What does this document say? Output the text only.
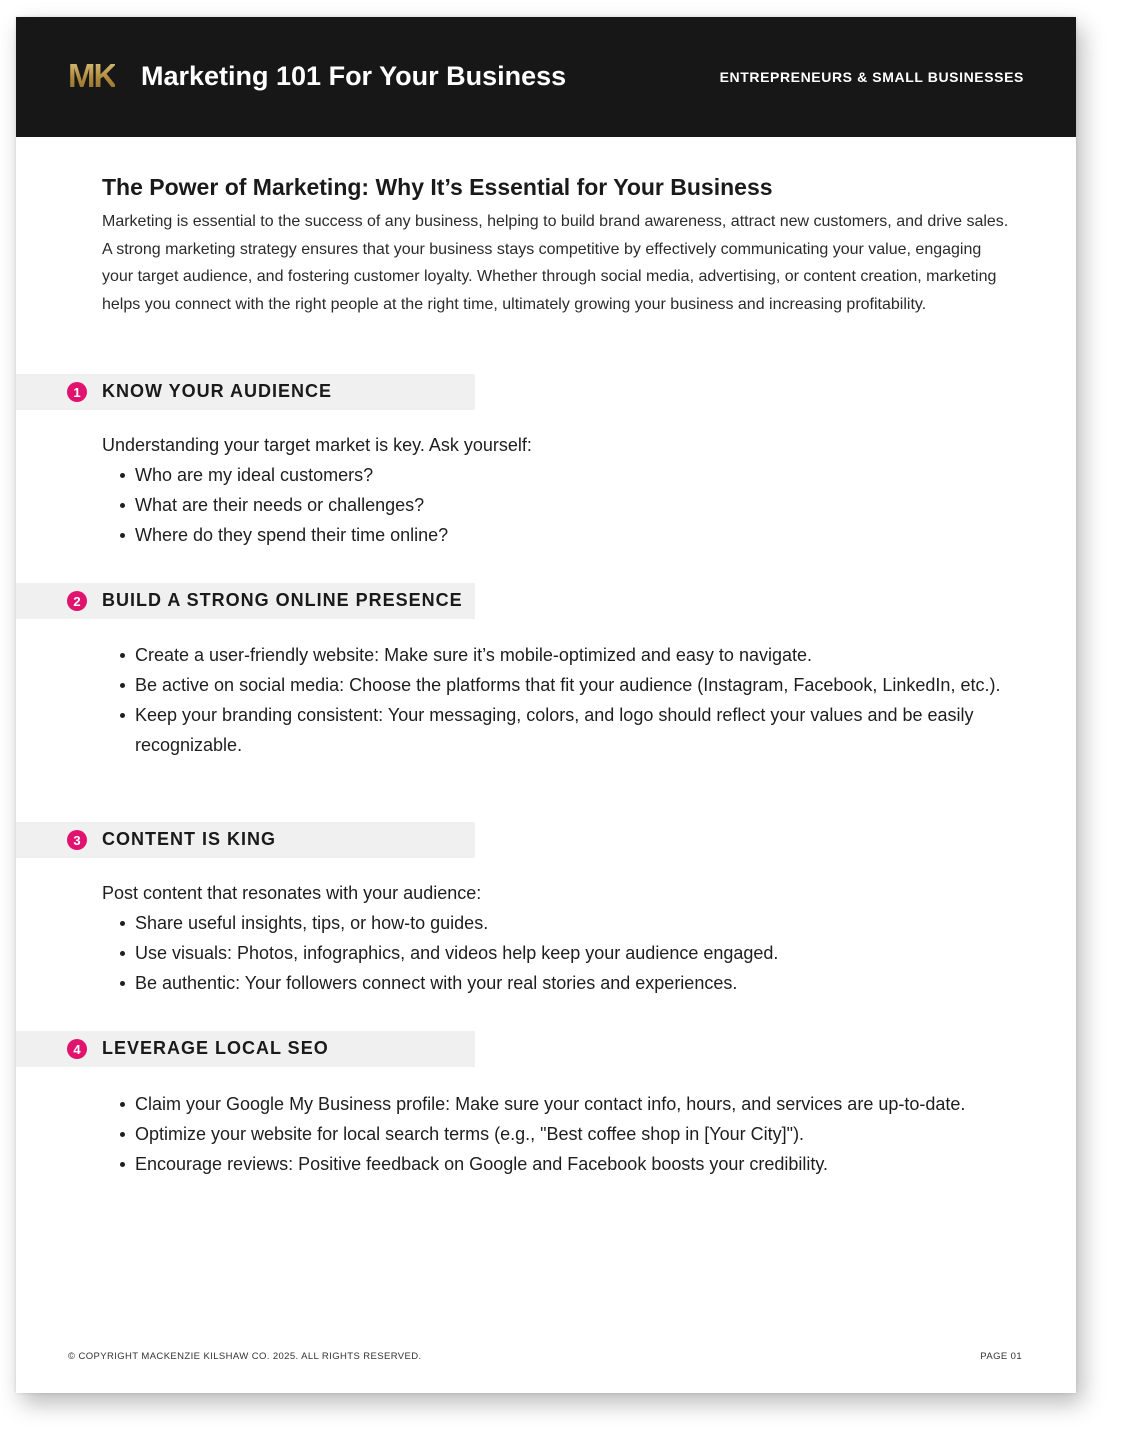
MK Marketing 101 For Your Business	ENTREPRENEURS & SMALL BUSINESSES
The Power of Marketing: Why It’s Essential for Your Business
Marketing is essential to the success of any business, helping to build brand awareness, attract new customers, and drive sales. A strong marketing strategy ensures that your business stays competitive by effectively communicating your value, engaging your target audience, and fostering customer loyalty. Whether through social media, advertising, or content creation, marketing helps you connect with the right people at the right time, ultimately growing your business and increasing profitability.
1	KNOW YOUR AUDIENCE
Understanding your target market is key. Ask yourself:
Who are my ideal customers?
What are their needs or challenges?
Where do they spend their time online?
2	BUILD A STRONG ONLINE PRESENCE
Create a user-friendly website: Make sure it’s mobile-optimized and easy to navigate.
Be active on social media: Choose the platforms that fit your audience (Instagram, Facebook, LinkedIn, etc.).
Keep your branding consistent: Your messaging, colors, and logo should reflect your values and be easily recognizable.
3	CONTENT IS KING
Post content that resonates with your audience:
Share useful insights, tips, or how-to guides.
Use visuals: Photos, infographics, and videos help keep your audience engaged.
Be authentic: Your followers connect with your real stories and experiences.
4	LEVERAGE LOCAL SEO
Claim your Google My Business profile: Make sure your contact info, hours, and services are up-to-date.
Optimize your website for local search terms (e.g., "Best coffee shop in [Your City]").
Encourage reviews: Positive feedback on Google and Facebook boosts your credibility.
© COPYRIGHT MACKENZIE KILSHAW CO. 2025. ALL RIGHTS RESERVED.	PAGE 01
